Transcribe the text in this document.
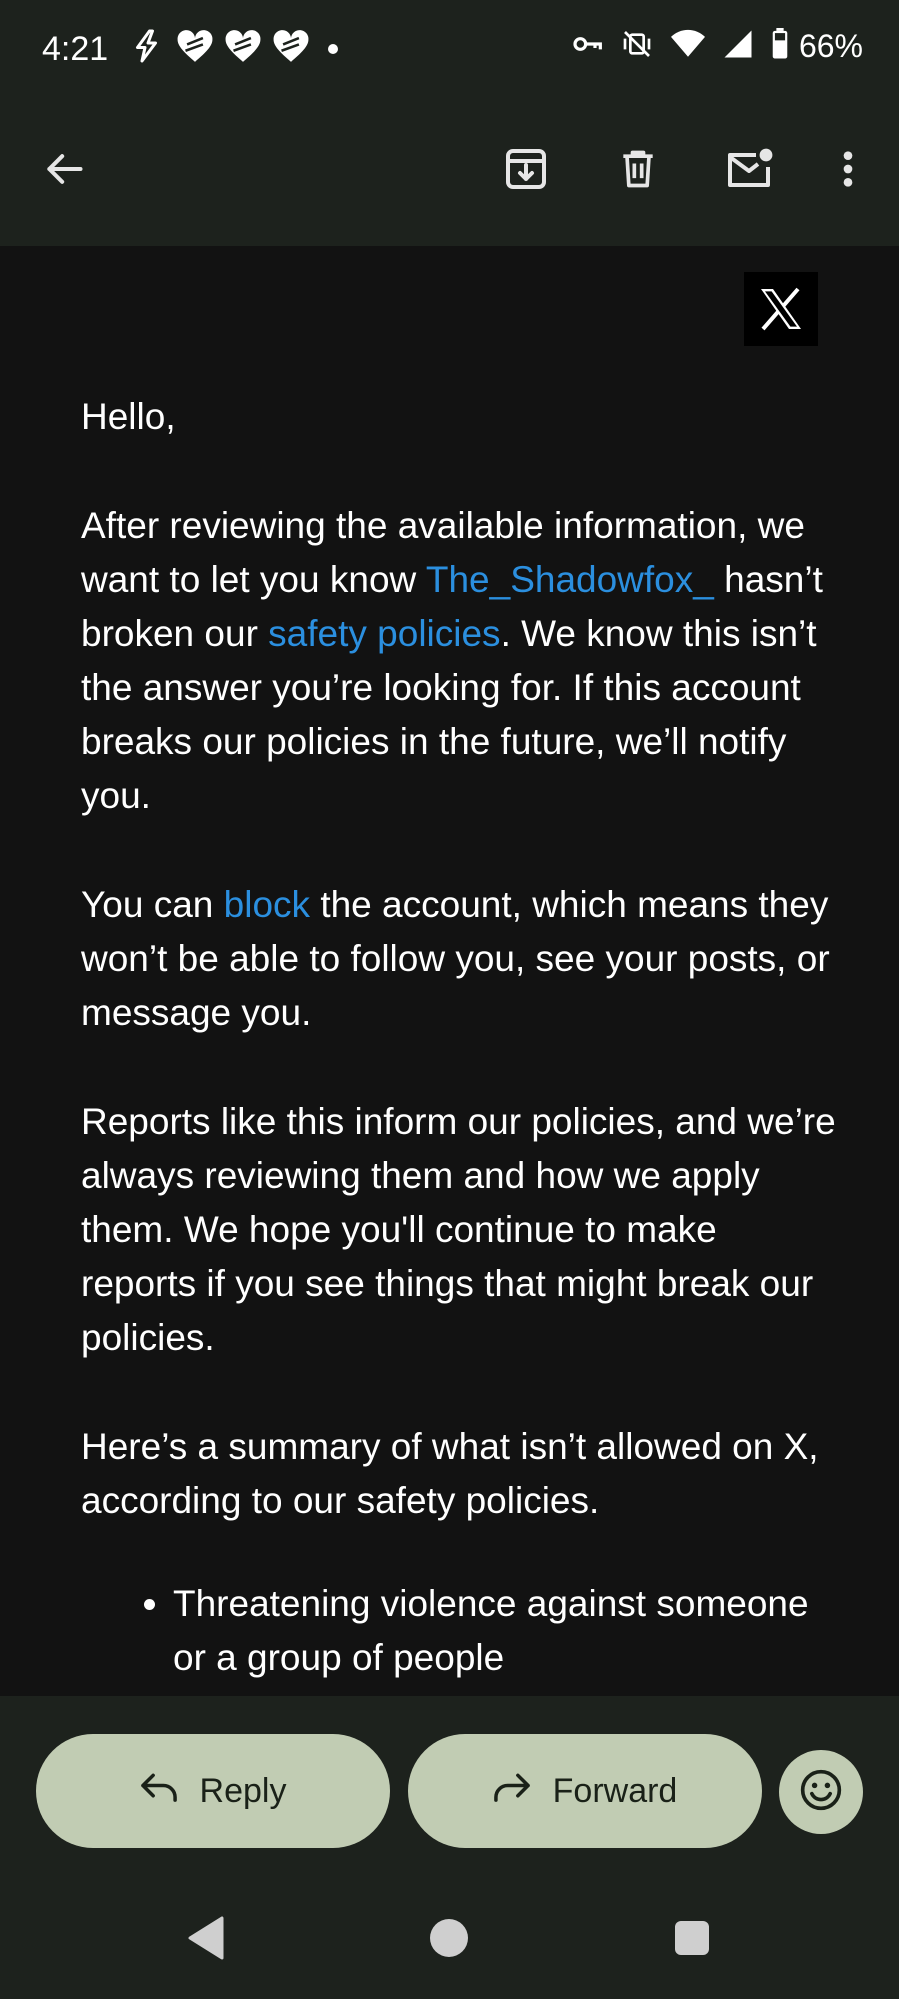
4:21	66%

Hello,

After reviewing the available information, we want to let you know The_Shadowfox_ hasn’t broken our safety policies. We know this isn’t the answer you’re looking for. If this account breaks our policies in the future, we’ll notify you.

You can block the account, which means they won’t be able to follow you, see your posts, or message you.

Reports like this inform our policies, and we’re always reviewing them and how we apply them. We hope you'll continue to make reports if you see things that might break our policies.

Here’s a summary of what isn’t allowed on X, according to our safety policies.

• Threatening violence against someone or a group of people
Reply	Forward
